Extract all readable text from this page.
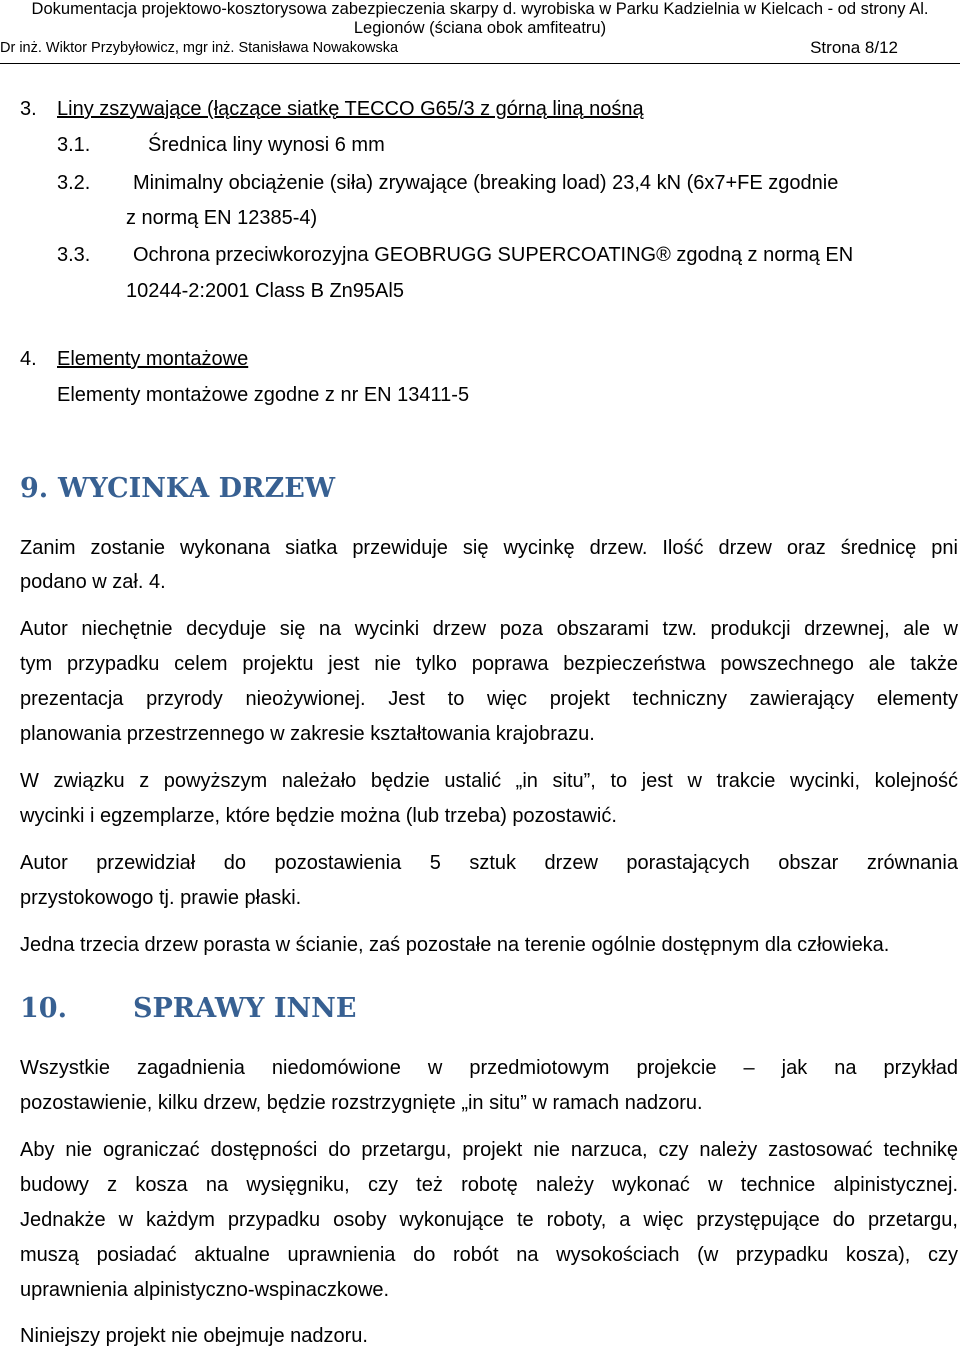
Dokumentacja projektowo-kosztorysowa zabezpieczenia skarpy d. wyrobiska w Parku Kadzielnia w Kielcach - od strony Al.
Legionów (ściana obok amfiteatru)
Dr inż. Wiktor Przybyłowicz, mgr inż. Stanisława Nowakowska	Strona 8/12
3. Liny zszywające (łączące siatkę TECCO G65/3 z górną liną nośną
3.1.	Średnica liny wynosi 6 mm
3.2. Minimalny obciążenie (siła) zrywające (breaking load) 23,4 kN (6x7+FE zgodnie
z normą EN 12385-4)
3.3. Ochrona przeciwkorozyjna GEOBRUGG SUPERCOATING® zgodną z normą EN
10244-2:2001 Class B Zn95Al5
4. Elementy montażowe
Elementy montażowe zgodne z nr EN 13411-5
9. WYCINKA DRZEW
Zanim zostanie wykonana siatka przewiduje się wycinkę drzew. Ilość drzew oraz średnicę pni
podano w zał. 4.
Autor niechętnie decyduje się na wycinki drzew poza obszarami tzw. produkcji drzewnej, ale w
tym przypadku celem projektu jest nie tylko poprawa bezpieczeństwa powszechnego ale także
prezentacja przyrody nieożywionej. Jest to więc projekt techniczny zawierający elementy
planowania przestrzennego w zakresie kształtowania krajobrazu.
W związku z powyższym należało będzie ustalić „in situ”, to jest w trakcie wycinki, kolejność
wycinki i egzemplarze, które będzie można (lub trzeba) pozostawić.
Autor przewidział do pozostawienia 5 sztuk drzew porastających obszar zrównania
przystokowogo tj. prawie płaski.
Jedna trzecia drzew porasta w ścianie, zaś pozostałe na terenie ogólnie dostępnym dla człowieka.
10. SPRAWY INNE
Wszystkie zagadnienia niedomówione w przedmiotowym projekcie – jak na przykład
pozostawienie, kilku drzew, będzie rozstrzygnięte „in situ” w ramach nadzoru.
Aby nie ograniczać dostępności do przetargu, projekt nie narzuca, czy należy zastosować technikę
budowy z kosza na wysięgniku, czy też robotę należy wykonać w technice alpinistycznej.
Jednakże w każdym przypadku osoby wykonujące te roboty, a więc przystępujące do przetargu,
muszą posiadać aktualne uprawnienia do robót na wysokościach (w przypadku kosza), czy
uprawnienia alpinistyczno-wspinaczkowe.
Niniejszy projekt nie obejmuje nadzoru.
